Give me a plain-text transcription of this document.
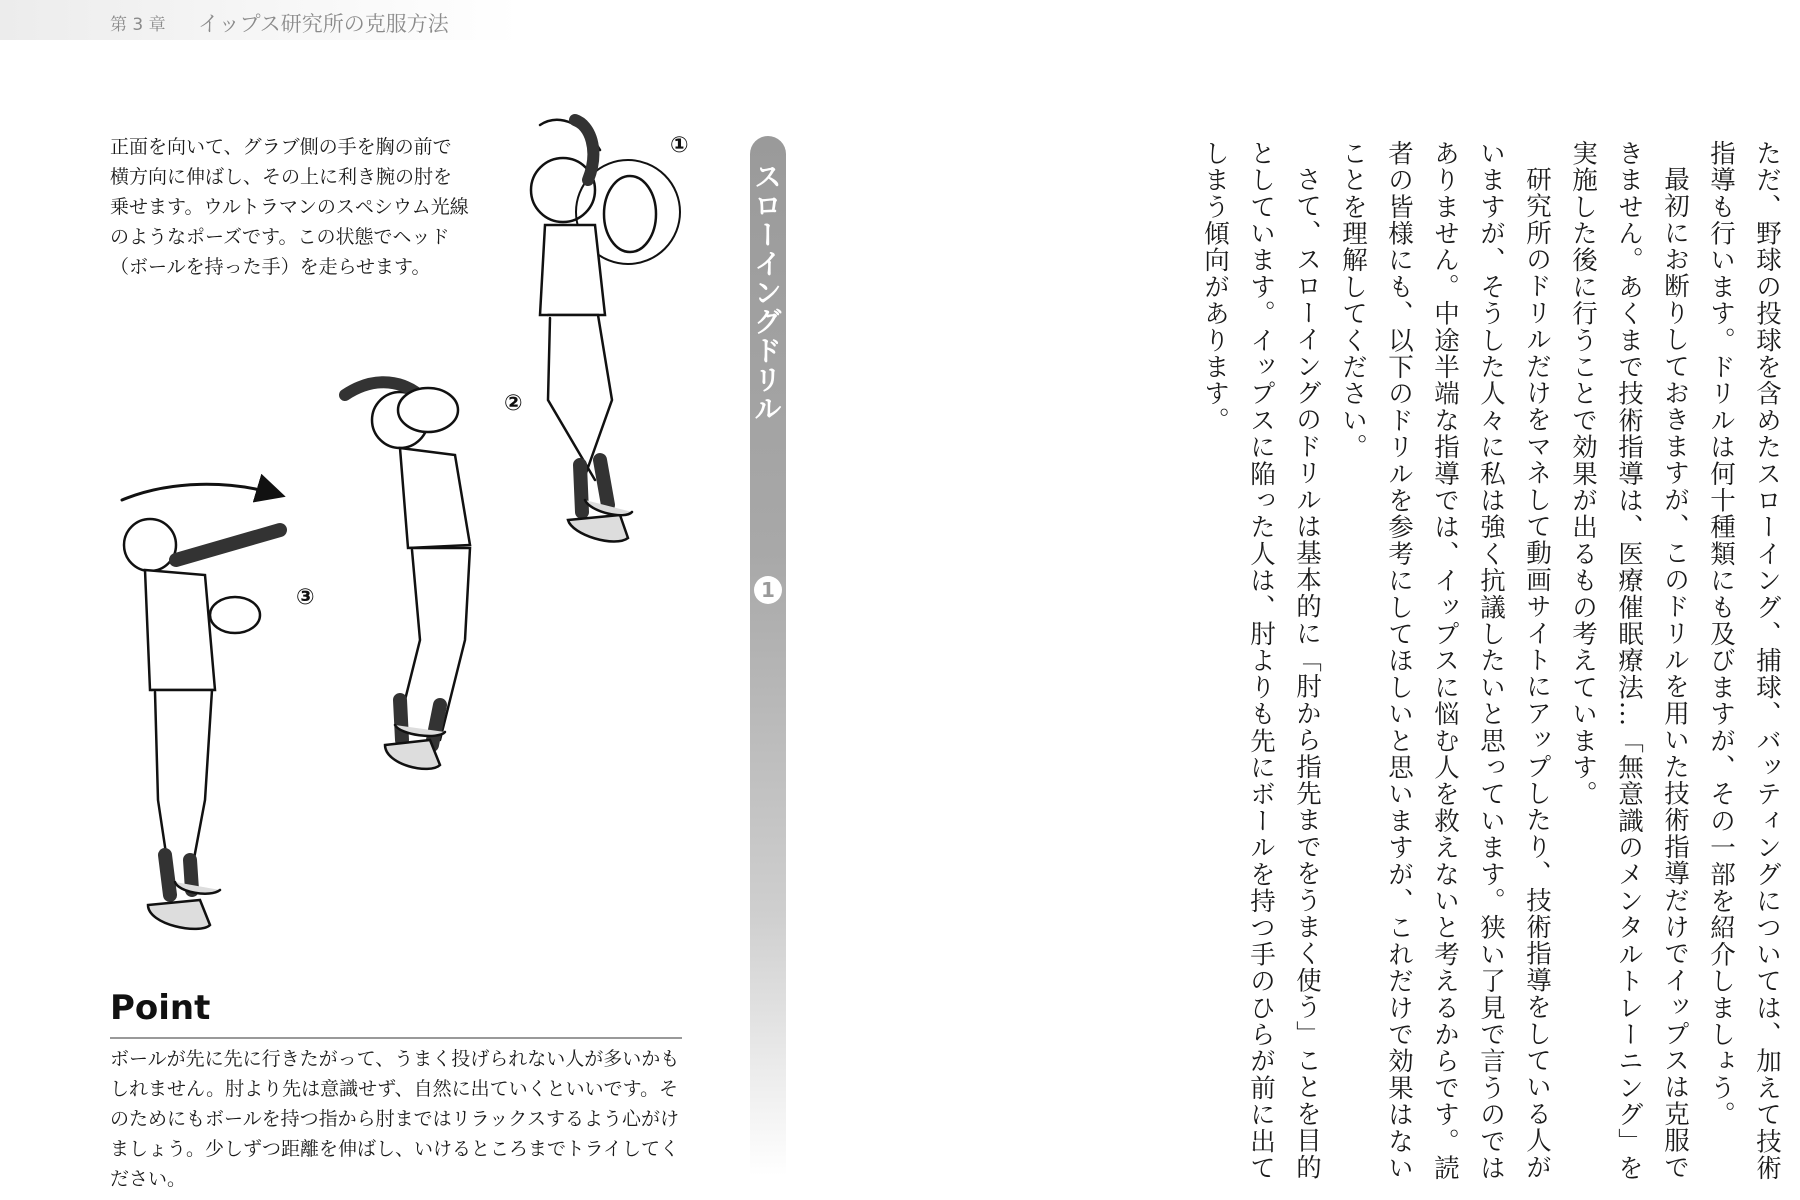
第 3 章 イップス研究所の克服方法
正面を向いて、グラブ側の手を胸の前で横方向に伸ばし、その上に利き腕の肘を乗せます。ウルトラマンのスペシウム光線のようなポーズです。この状態でヘッド（ボールを持った手）を走らせます。
①
②
③
スローイングドリル
1
Point
ボールが先に先に行きたがって、うまく投げられない人が多いかもしれません。肘より先は意識せず、自然に出ていくといいです。そのためにもボールを持つ指から肘まではリラックスするよう心がけましょう。少しずつ距離を伸ばし、いけるところまでトライしてください。	ただ、野球の投球を含めたスローイング、捕球、バッティングについては、加えて技術指導も行います。ドリルは何十種類にも及びますが、その一部を紹介しましょう。

最初にお断りしておきますが、このドリルを用いた技術指導だけでイップスは克服できません。あくまで技術指導は、医療催眠療法…「無意識のメンタルトレーニング」を実施した後に行うことで効果が出るもの考えています。

研究所のドリルだけをマネして動画サイトにアップしたり、技術指導をしている人がいますが、そうした人々に私は強く抗議したいと思っています。狭い了見で言うのではありません。中途半端な指導では、イップスに悩む人を救えないと考えるからです。読者の皆様にも、以下のドリルを参考にしてほしいと思いますが、これだけで効果はないことを理解してください。

さて、スローイングのドリルは基本的に「肘から指先までをうまく使う」ことを目的としています。イップスに陥った人は、肘よりも先にボールを持つ手のひらが前に出てしまう傾向があります。
